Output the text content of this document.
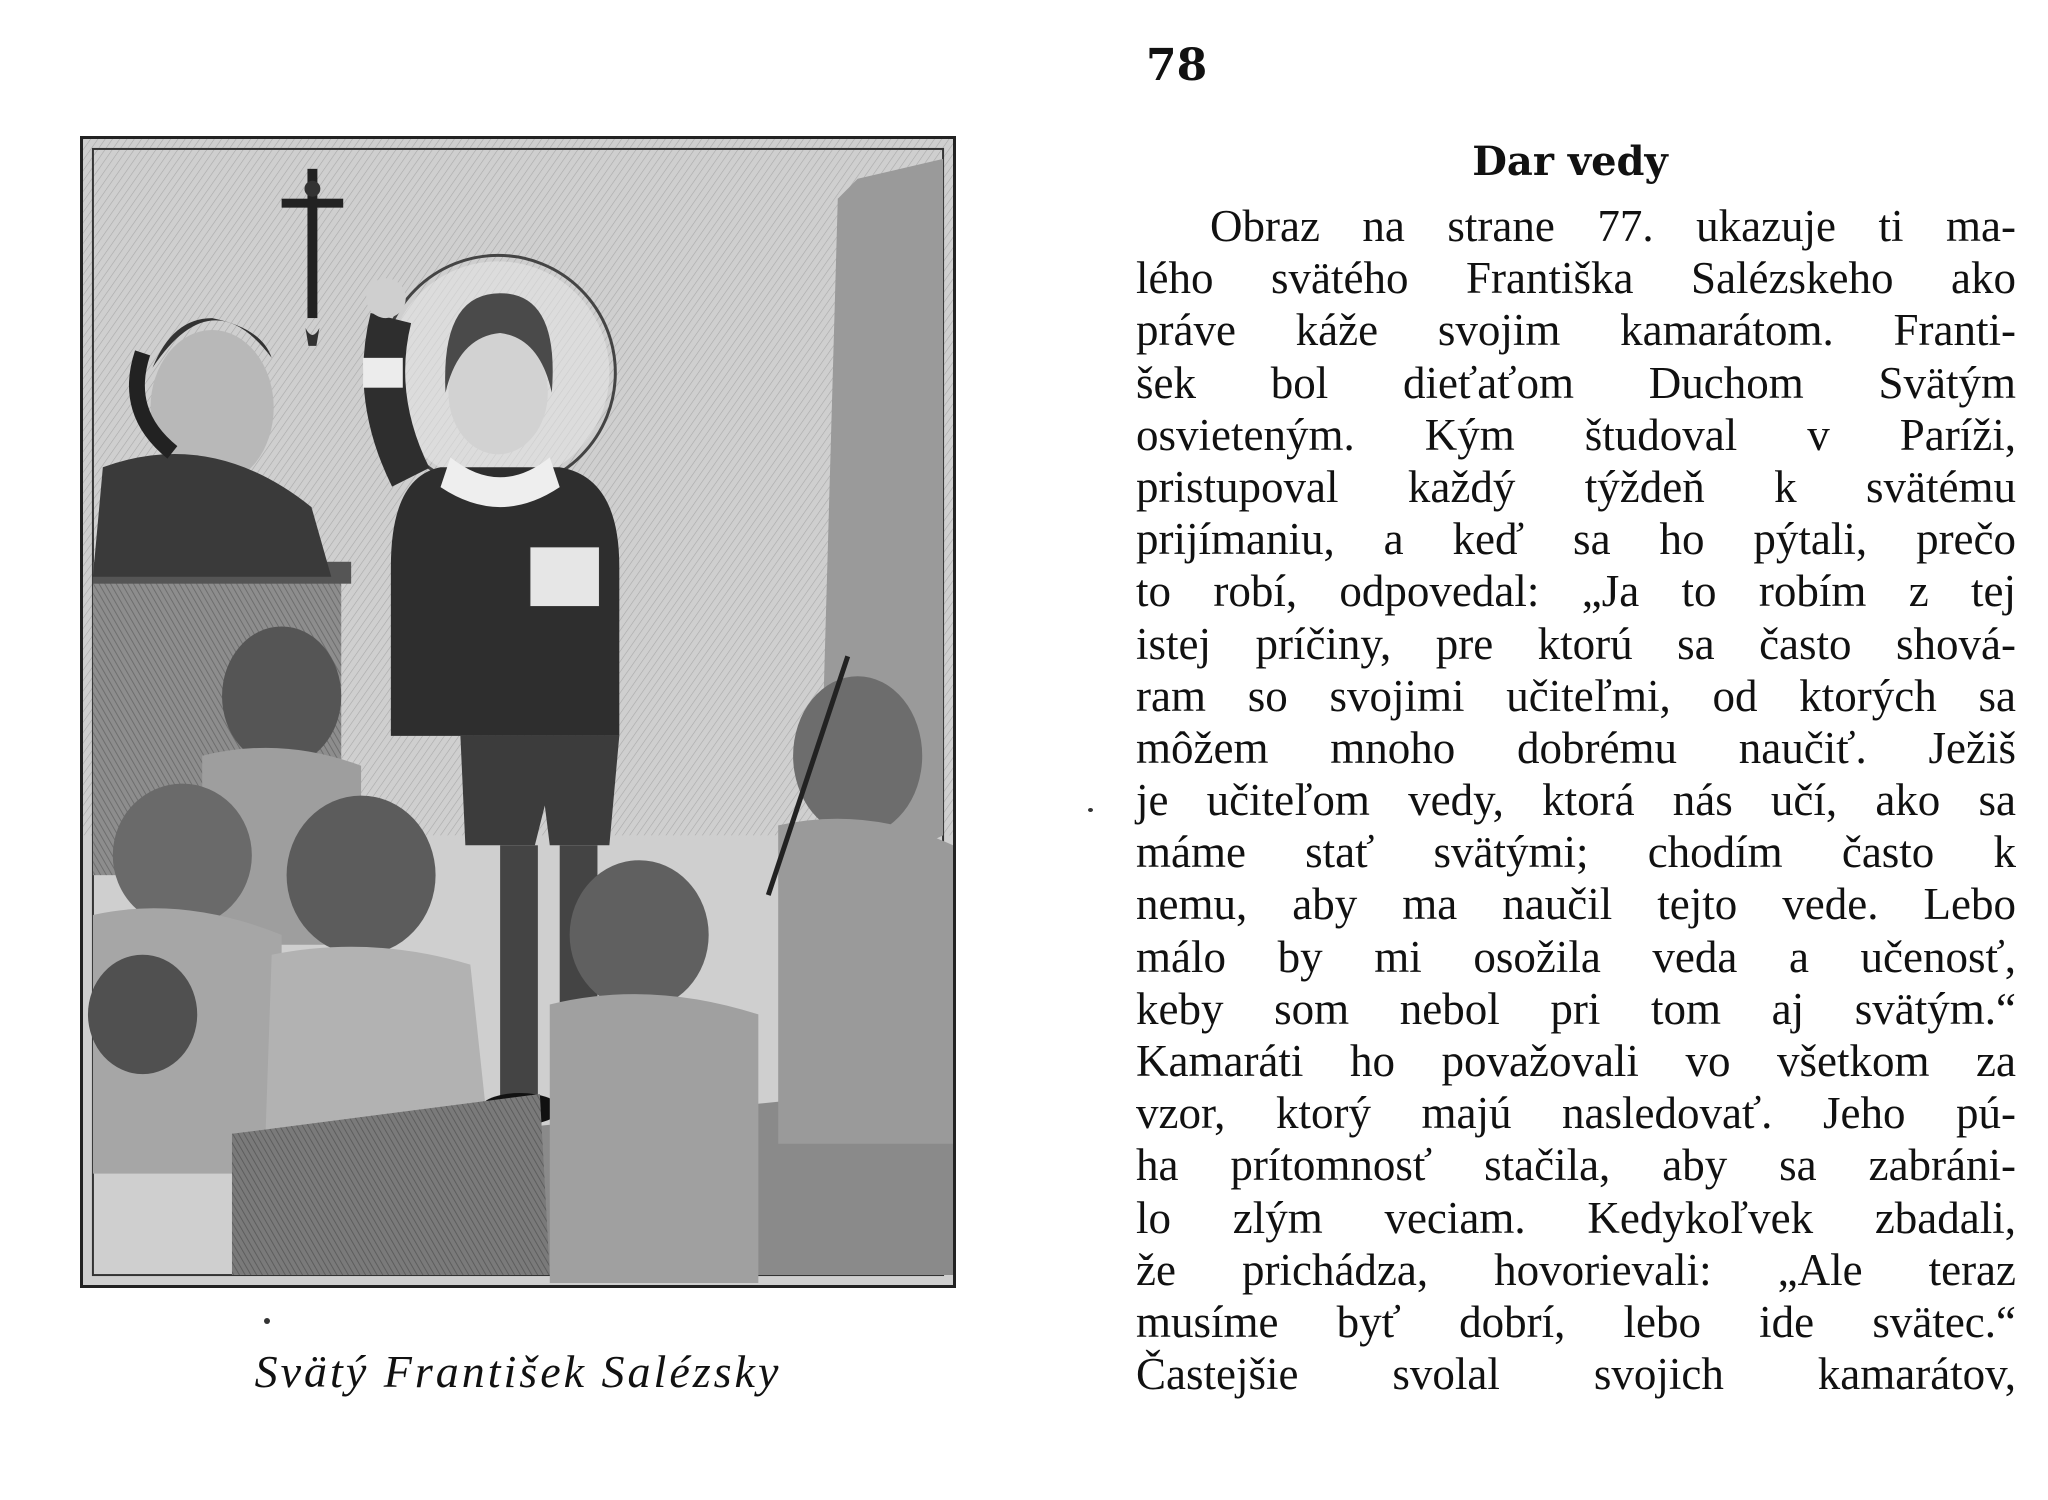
Svätý František Salézsky
78
Dar vedy
Obraz na strane 77. ukazuje ti ma-
lého svätého Františka Salézskeho ako
práve káže svojim kamarátom. Franti-
šek bol dieťaťom Duchom Svätým
osvieteným. Kým študoval v Paríži,
pristupoval každý týždeň k svätému
prijímaniu, a keď sa ho pýtali, prečo
to robí, odpovedal: „Ja to robím z tej
istej príčiny, pre ktorú sa často shová-
ram so svojimi učiteľmi, od ktorých sa
môžem mnoho dobrému naučiť. Ježiš
je učiteľom vedy, ktorá nás učí, ako sa
máme stať svätými; chodím často k
nemu, aby ma naučil tejto vede. Lebo
málo by mi osožila veda a učenosť,
keby som nebol pri tom aj svätým.“
Kamaráti ho považovali vo všetkom za
vzor, ktorý majú nasledovať. Jeho pú-
ha prítomnosť stačila, aby sa zabráni-
lo zlým veciam. Kedykoľvek zbadali,
že prichádza, hovorievali: „Ale teraz
musíme byť dobrí, lebo ide svätec.“
Častejšie svolal svojich kamarátov,
